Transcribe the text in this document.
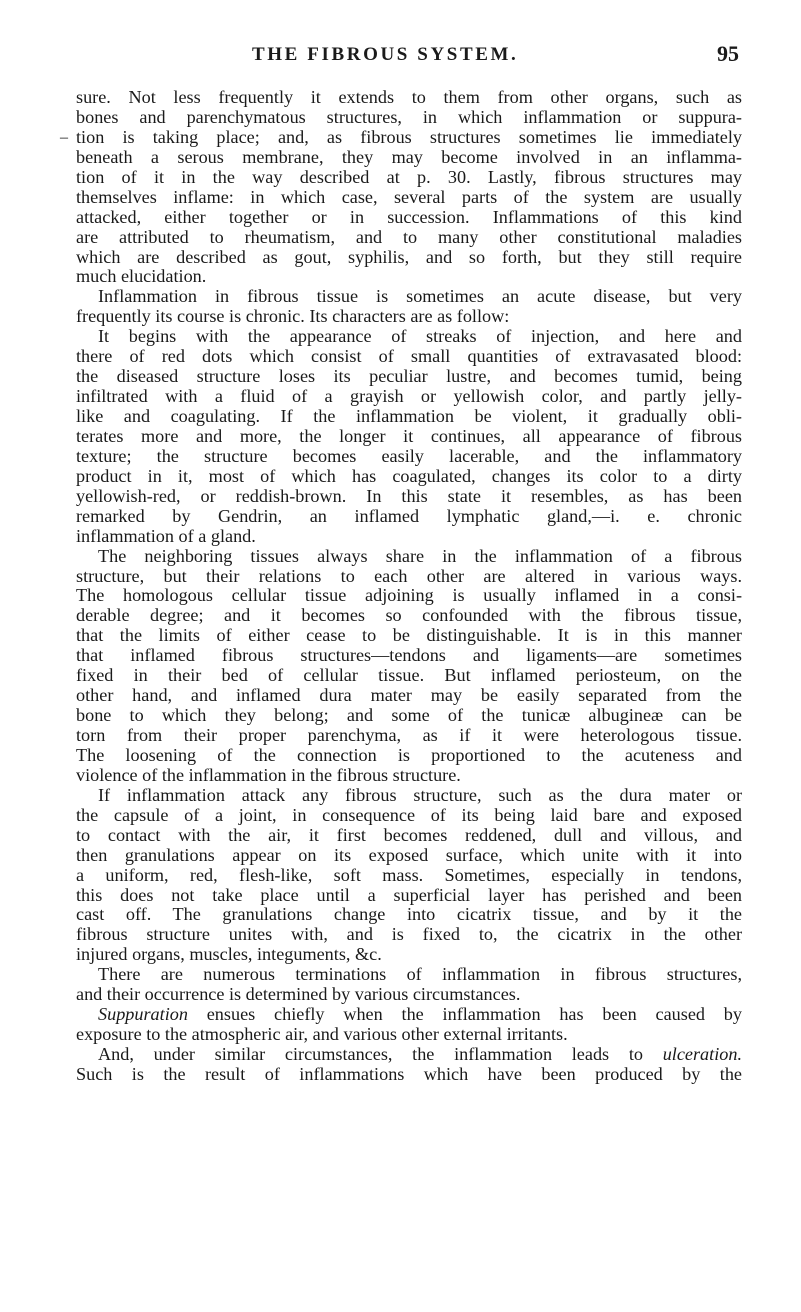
THE FIBROUS SYSTEM.	95
–
sure. Not less frequently it extends to them from other organs, such as
bones and parenchymatous structures, in which inflammation or suppura-
tion is taking place; and, as fibrous structures sometimes lie immediately
beneath a serous membrane, they may become involved in an inflamma-
tion of it in the way described at p. 30. Lastly, fibrous structures may
themselves inflame: in which case, several parts of the system are usually
attacked, either together or in succession. Inflammations of this kind
are attributed to rheumatism, and to many other constitutional maladies
which are described as gout, syphilis, and so forth, but they still require
much elucidation.
Inflammation in fibrous tissue is sometimes an acute disease, but very
frequently its course is chronic. Its characters are as follow:
It begins with the appearance of streaks of injection, and here and
there of red dots which consist of small quantities of extravasated blood:
the diseased structure loses its peculiar lustre, and becomes tumid, being
infiltrated with a fluid of a grayish or yellowish color, and partly jelly-
like and coagulating. If the inflammation be violent, it gradually obli-
terates more and more, the longer it continues, all appearance of fibrous
texture; the structure becomes easily lacerable, and the inflammatory
product in it, most of which has coagulated, changes its color to a dirty
yellowish-red, or reddish-brown. In this state it resembles, as has been
remarked by Gendrin, an inflamed lymphatic gland,—i. e. chronic
inflammation of a gland.
The neighboring tissues always share in the inflammation of a fibrous
structure, but their relations to each other are altered in various ways.
The homologous cellular tissue adjoining is usually inflamed in a consi-
derable degree; and it becomes so confounded with the fibrous tissue,
that the limits of either cease to be distinguishable. It is in this manner
that inflamed fibrous structures—tendons and ligaments—are sometimes
fixed in their bed of cellular tissue. But inflamed periosteum, on the
other hand, and inflamed dura mater may be easily separated from the
bone to which they belong; and some of the tunicæ albugineæ can be
torn from their proper parenchyma, as if it were heterologous tissue.
The loosening of the connection is proportioned to the acuteness and
violence of the inflammation in the fibrous structure.
If inflammation attack any fibrous structure, such as the dura mater or
the capsule of a joint, in consequence of its being laid bare and exposed
to contact with the air, it first becomes reddened, dull and villous, and
then granulations appear on its exposed surface, which unite with it into
a uniform, red, flesh-like, soft mass. Sometimes, especially in tendons,
this does not take place until a superficial layer has perished and been
cast off. The granulations change into cicatrix tissue, and by it the
fibrous structure unites with, and is fixed to, the cicatrix in the other
injured organs, muscles, integuments, &c.
There are numerous terminations of inflammation in fibrous structures,
and their occurrence is determined by various circumstances.
Suppuration ensues chiefly when the inflammation has been caused by
exposure to the atmospheric air, and various other external irritants.
And, under similar circumstances, the inflammation leads to ulceration.
Such is the result of inflammations which have been produced by the
